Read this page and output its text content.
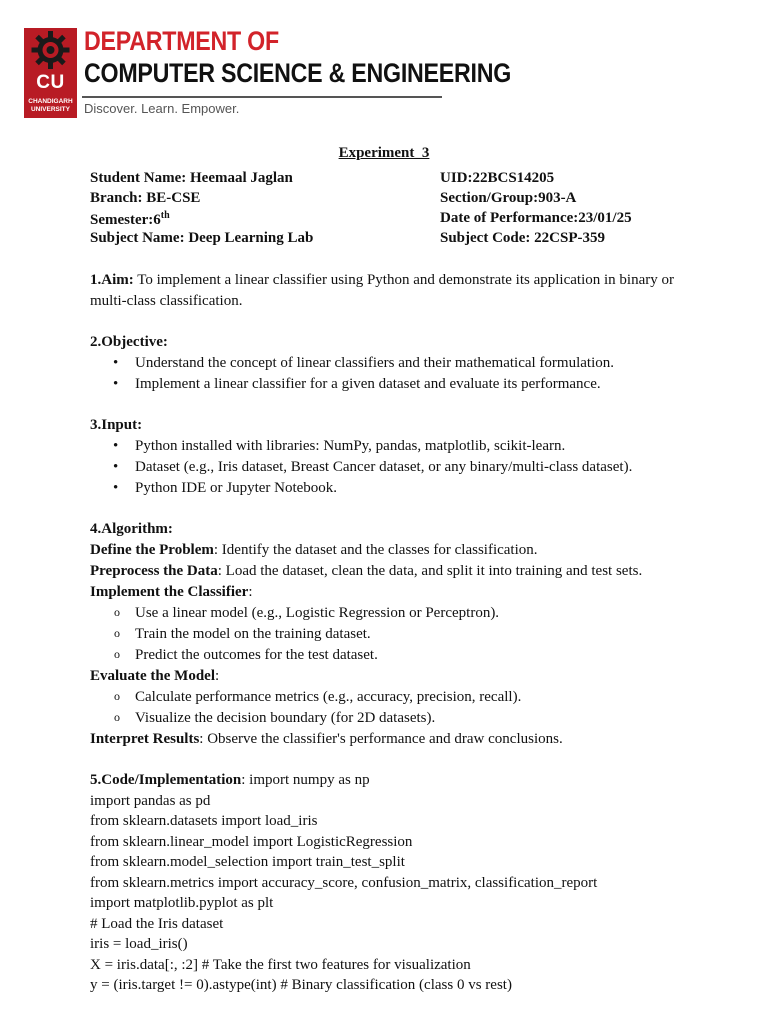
CU
CHANDIGARH
UNIVERSITY
DEPARTMENT OF
COMPUTER SCIENCE & ENGINEERING
Discover. Learn. Empower.
Experiment_3
Student Name: Heemaal Jaglan	UID:22BCS14205
Branch: BE-CSE	Section/Group:903-A
Semester:6th	Date of Performance:23/01/25
Subject Name: Deep Learning Lab	Subject Code: 22CSP-359

1.Aim: To implement a linear classifier using Python and demonstrate its application in binary or multi-class classification.

2.Objective:

• Understand the concept of linear classifiers and their mathematical formulation.
• Implement a linear classifier for a given dataset and evaluate its performance.

3.Input:

• Python installed with libraries: NumPy, pandas, matplotlib, scikit-learn.
• Dataset (e.g., Iris dataset, Breast Cancer dataset, or any binary/multi-class dataset).
• Python IDE or Jupyter Notebook.

4.Algorithm:

Define the Problem: Identify the dataset and the classes for classification.

Preprocess the Data: Load the dataset, clean the data, and split it into training and test sets.

Implement the Classifier:

o Use a linear model (e.g., Logistic Regression or Perceptron).
o Train the model on the training dataset.
o Predict the outcomes for the test dataset.

Evaluate the Model:

o Calculate performance metrics (e.g., accuracy, precision, recall).
o Visualize the decision boundary (for 2D datasets).

Interpret Results: Observe the classifier's performance and draw conclusions.

5.Code/Implementation: import numpy as np

import pandas as pd

from sklearn.datasets import load_iris

from sklearn.linear_model import LogisticRegression

from sklearn.model_selection import train_test_split

from sklearn.metrics import accuracy_score, confusion_matrix, classification_report

import matplotlib.pyplot as plt

# Load the Iris dataset

iris = load_iris()

X = iris.data[:, :2] # Take the first two features for visualization

y = (iris.target != 0).astype(int) # Binary classification (class 0 vs rest)
